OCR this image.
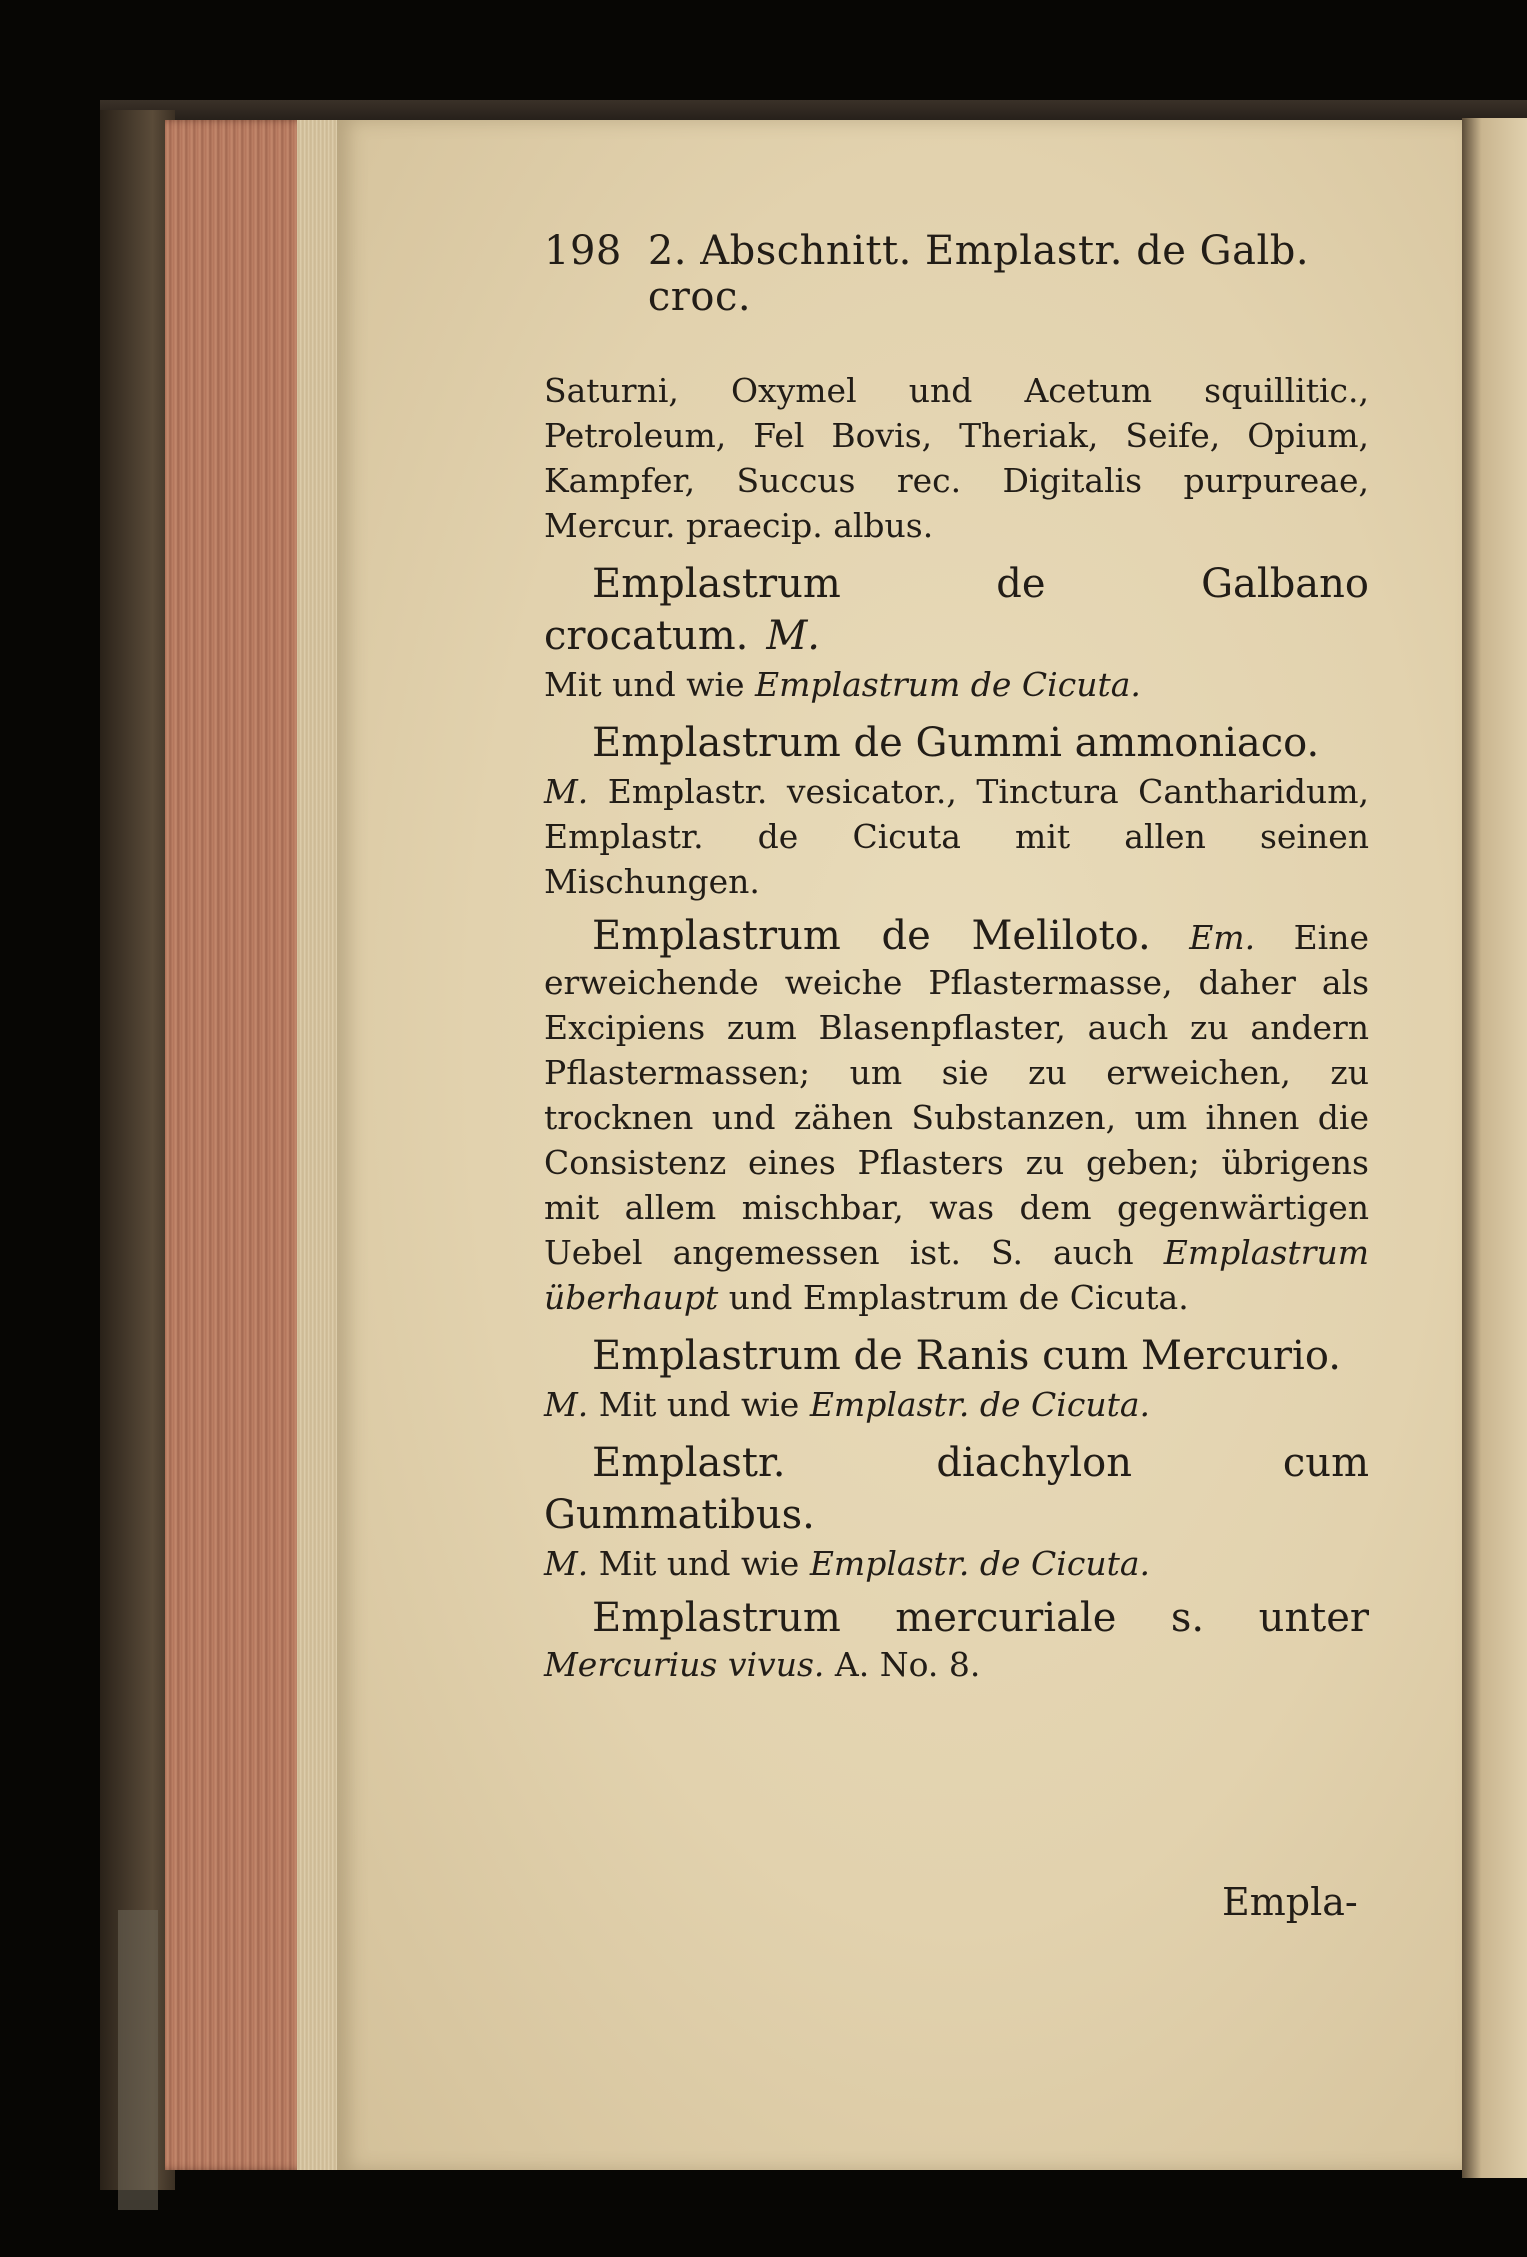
198 2. Abschnitt. Emplastr. de Galb. croc.

Saturni, Oxymel und Acetum squillitic., Petroleum, Fel Bovis, Theriak, Seife, Opium, Kampfer, Succus rec. Digitalis purpureae, Mercur. praecip. albus.

Emplastrum de Galbano crocatum. M.

Mit und wie Emplastrum de Cicuta.

Emplastrum de Gummi ammoniaco.

M. Emplastr. vesicator., Tinctura Cantharidum, Emplastr. de Cicuta mit allen seinen Mischungen.

Emplastrum de Meliloto. Em. Eine erweichende weiche Pflastermasse, daher als Excipiens zum Blasenpflaster, auch zu andern Pflastermassen; um sie zu erweichen, zu trocknen und zähen Substanzen, um ihnen die Consistenz eines Pflasters zu geben; übrigens mit allem mischbar, was dem gegenwärtigen Uebel angemessen ist. S. auch Emplastrum überhaupt und Emplastrum de Cicuta.

Emplastrum de Ranis cum Mercurio.

M. Mit und wie Emplastr. de Cicuta.

Emplastr. diachylon cum Gummatibus.

M. Mit und wie Emplastr. de Cicuta.

Emplastrum mercuriale s. unter Mercurius vivus. A. No. 8.

Empla-
